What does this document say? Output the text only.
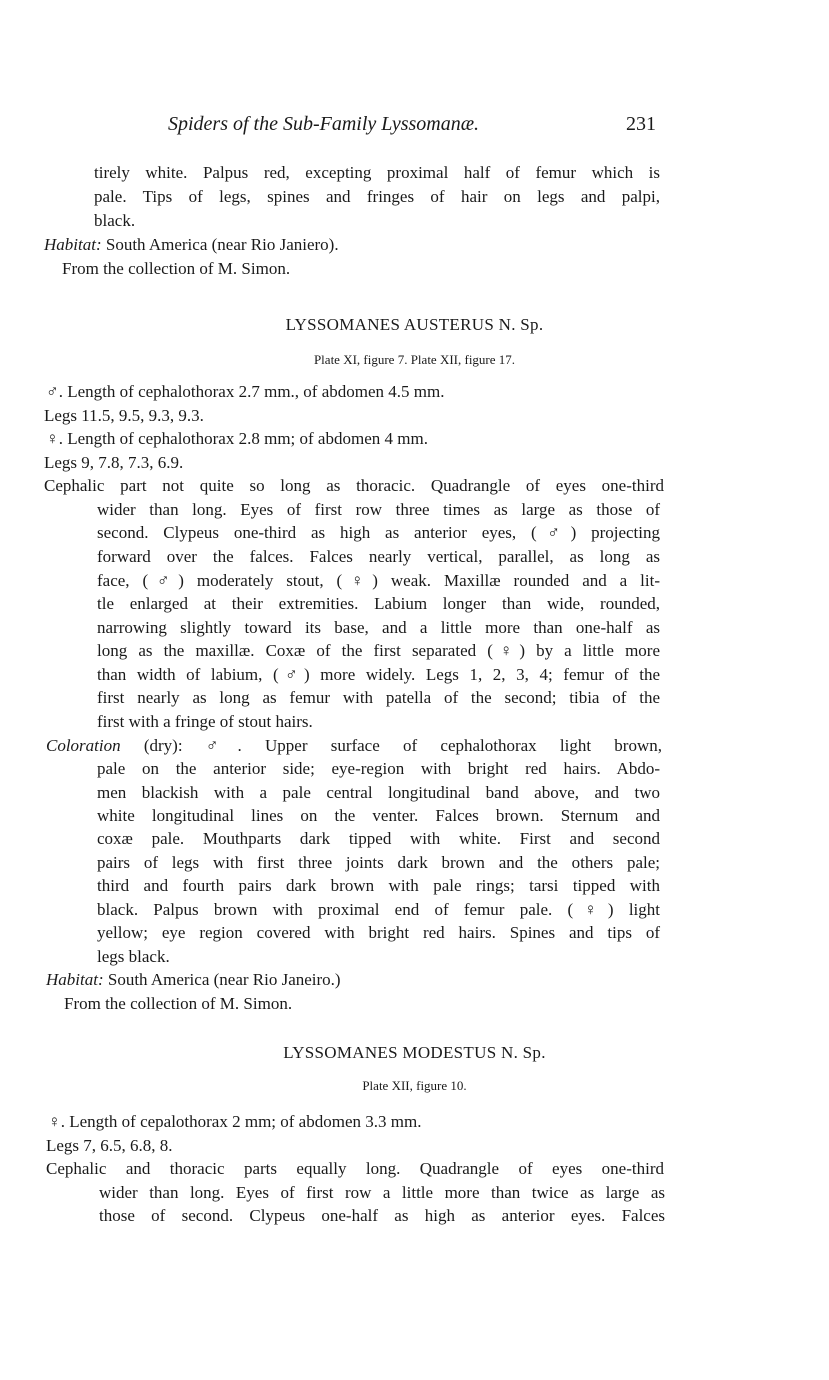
Spiders of the Sub-Family Lyssomanæ.	231
tirely white. Palpus red, excepting proximal half of femur which is
pale. Tips of legs, spines and fringes of hair on legs and palpi,
black.
Habitat: South America (near Rio Janiero).
From the collection of M. Simon.
LYSSOMANES AUSTERUS N. Sp.
Plate XI, figure 7. Plate XII, figure 17.
♂. Length of cephalothorax 2.7 mm., of abdomen 4.5 mm.
Legs 11.5, 9.5, 9.3, 9.3.
♀. Length of cephalothorax 2.8 mm; of abdomen 4 mm.
Legs 9, 7.8, 7.3, 6.9.
Cephalic part not quite so long as thoracic. Quadrangle of eyes one-third
wider than long. Eyes of first row three times as large as those of
second. Clypeus one-third as high as anterior eyes, (♂) projecting
forward over the falces. Falces nearly vertical, parallel, as long as
face, (♂) moderately stout, (♀) weak. Maxillæ rounded and a lit-
tle enlarged at their extremities. Labium longer than wide, rounded,
narrowing slightly toward its base, and a little more than one-half as
long as the maxillæ. Coxæ of the first separated (♀) by a little more
than width of labium, (♂) more widely. Legs 1, 2, 3, 4; femur of the
first nearly as long as femur with patella of the second; tibia of the
first with a fringe of stout hairs.
Coloration (dry): ♂. Upper surface of cephalothorax light brown,
pale on the anterior side; eye-region with bright red hairs. Abdo-
men blackish with a pale central longitudinal band above, and two
white longitudinal lines on the venter. Falces brown. Sternum and
coxæ pale. Mouthparts dark tipped with white. First and second
pairs of legs with first three joints dark brown and the others pale;
third and fourth pairs dark brown with pale rings; tarsi tipped with
black. Palpus brown with proximal end of femur pale. (♀) light
yellow; eye region covered with bright red hairs. Spines and tips of
legs black.
Habitat: South America (near Rio Janeiro.)
From the collection of M. Simon.
LYSSOMANES MODESTUS N. Sp.
Plate XII, figure 10.
♀. Length of cepalothorax 2 mm; of abdomen 3.3 mm.
Legs 7, 6.5, 6.8, 8.
Cephalic and thoracic parts equally long. Quadrangle of eyes one-third
wider than long. Eyes of first row a little more than twice as large as
those of second. Clypeus one-half as high as anterior eyes. Falces
